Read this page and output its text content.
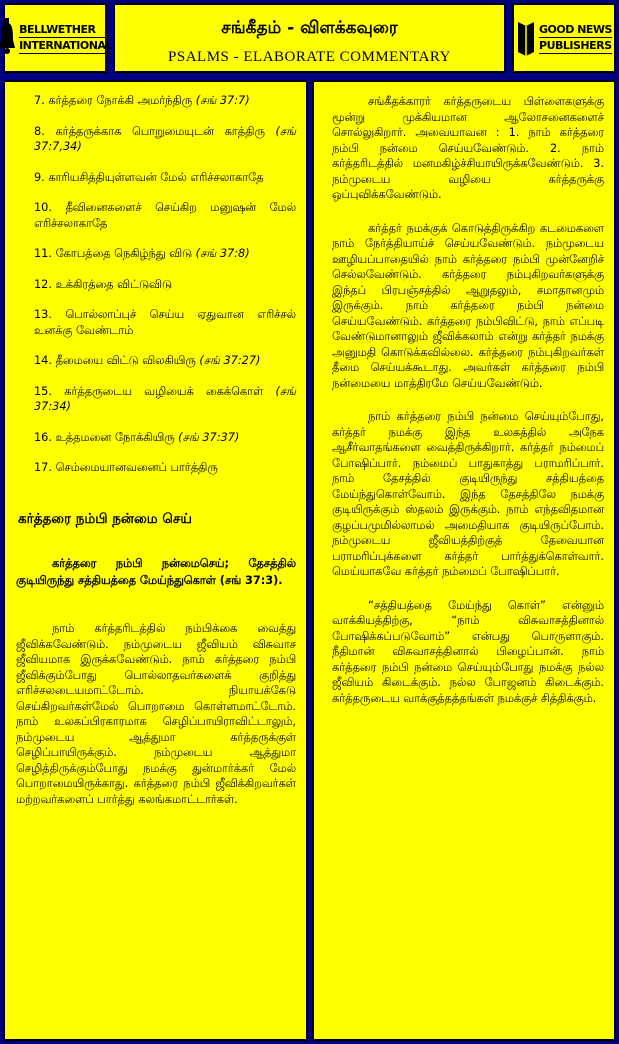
BELLWETHER
INTERNATIONAL
சங்கீதம் - விளக்கவுரை
PSALMS - ELABORATE COMMENTARY
GOOD NEWS
PUBLISHERS
7. கர்த்தரை நோக்கி அமர்ந்திரு (சங் 37:7)
8. கர்த்தருக்காக பொறுமையுடன் காத்திரு (சங் 37:7,34)
9. காரியசித்தியுள்ளவன் மேல் எரிச்சலாகாதே
10. தீவினைகளைச் செய்கிற மனுஷன் மேல் எரிச்சலாகாதே
11. கோபத்தை நெகிழ்ந்து விடு (சங் 37:8)
12. உக்கிரத்தை விட்டுவிடு
13. பொல்லாப்புச் செய்ய ஏதுவான எரிச்சல் உனக்கு வேண்டாம்
14. தீமையை விட்டு விலகியிரு (சங் 37:27)
15. கர்த்தருடைய வழியைக் கைக்கொள் (சங் 37:34)
16. உத்தமனை நோக்கியிரு (சங் 37:37)
17. செம்மையானவனைப் பார்த்திரு
கர்த்தரை நம்பி நன்மை செய்
கர்த்தரை நம்பி நன்மைசெய்; தேசத்தில் குடியிருந்து சத்தியத்தை மேய்ந்துகொள் (சங் 37:3).

நாம் கர்த்தரிடத்தில் நம்பிக்கை வைத்து ஜீவிக்கவேண்டும். நம்முடைய ஜீவியம் விசுவாச ஜீவியமாக இருக்கவேண்டும். நாம் கர்த்தரை நம்பி ஜீவிக்கும்போது பொல்லாதவர்களைக் குறித்து எரிச்சலடையமாட்டோம். நியாயக்கேடு செய்கிறவர்கள்மேல் பொறாமை கொள்ளமாட்டோம். நாம் உலகப்பிரகாரமாக செழிப்பாயிராவிட்டாலும், நம்முடைய ஆத்துமா கர்த்தருக்குள் செழிப்பாயிருக்கும். நம்முடைய ஆத்துமா செழித்திருக்கும்போது நமக்கு துன்மார்க்கர் மேல் பொறாமையிருக்காது. கர்த்தரை நம்பி ஜீவிக்கிறவர்கள் மற்றவர்களைப் பார்த்து கலங்கமாட்டார்கள்.

சங்கீதக்காரர் கர்த்தருடைய பிள்ளைகளுக்கு மூன்று முக்கியமான ஆலோசனைகளைச் சொல்லுகிறார். அவையாவன : 1. நாம் கர்த்தரை நம்பி நன்மை செய்யவேண்டும். 2. நாம் கர்த்தரிடத்தில் மனமகிழ்ச்சியாயிருக்கவேண்டும். 3. நம்முடைய வழியை கர்த்தருக்கு ஒப்புவிக்கவேண்டும்.

கர்த்தர் நமக்குக் கொடுத்திருக்கிற கடமைகளை நாம் நேர்த்தியாய்ச் செய்யவேண்டும். நம்முடைய ஊழியப்பாதையில் நாம் கர்த்தரை நம்பி முன்னேறிச் செல்லவேண்டும். கர்த்தரை நம்புகிறவர்களுக்கு இந்தப் பிரபஞ்சத்தில் ஆறுதலும், சமாதானமும் இருக்கும். நாம் கர்த்தரை நம்பி நன்மை செய்யவேண்டும். கர்த்தரை நம்பிவிட்டு, நாம் எப்படி வேண்டுமானாலும் ஜீவிக்கலாம் என்று கர்த்தர் நமக்கு அனுமதி கொடுக்கவில்லை. கர்த்தரை நம்புகிறவர்கள் தீமை செய்யக்கூடாது. அவர்கள் கர்த்தரை நம்பி நன்மையை மாத்திரமே செய்யவேண்டும்.

நாம் கர்த்தரை நம்பி நன்மை செய்யும்போது, கர்த்தர் நமக்கு இந்த உலகத்தில் அநேக ஆசீர்வாதங்களை வைத்திருக்கிறார். கர்த்தர் நம்மைப் போஷிப்பார். நம்மைப் பாதுகாத்து பராமரிப்பார். நாம் தேசத்தில் குடியிருந்து சத்தியத்தை மேய்ந்துகொள்வோம். இந்த தேசத்திலே நமக்கு குடியிருக்கும் ஸ்தலம் இருக்கும். நாம் எந்தவிதமான குழப்பமுமில்லாமல் அமைதியாக குடியிருப்போம். நம்முடைய ஜீவியத்திற்குத் தேவையான பராமரிப்புக்களை கர்த்தர் பார்த்துக்கொள்வார். மெய்யாகவே கர்த்தர் நம்மைப் போஷிப்பார்.

“சத்தியத்தை மேய்ந்து கொள்” என்னும் வாக்கியத்திற்கு, “நாம் விசுவாசத்தினால் போஷிக்கப்படுவோம்” என்பது பொருளாகும். நீதிமான் விசுவாசத்தினால் பிழைப்பான். நாம் கர்த்தரை நம்பி நன்மை செய்யும்போது நமக்கு நல்ல ஜீவியம் கிடைக்கும். நல்ல போஜனம் கிடைக்கும். கர்த்தருடைய வாக்குத்தத்தங்கள் நமக்குச் சித்திக்கும்.
